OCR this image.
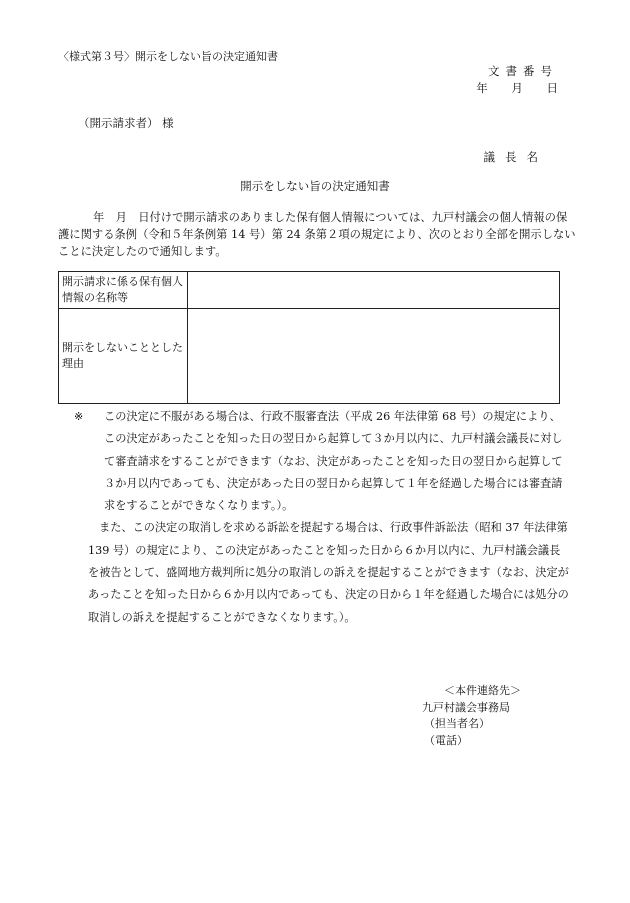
〈様式第３号〉開示をしない旨の決定通知書
文書番号
年 月 日
（開示請求者） 様
議長名
開示をしない旨の決定通知書
年　月　日付けで開示請求のありました保有個人情報については、九戸村議会の個人情報の保護に関する条例（令和５年条例第 14 号）第 24 条第２項の規定により、次のとおり全部を開示しないことに決定したので通知します。
開示請求に係る保有個人情報の名称等	
開示をしないこととした理由	
※	この決定に不服がある場合は、行政不服審査法（平成 26 年法律第 68 号）の規定により、この決定があったことを知った日の翌日から起算して３か月以内に、九戸村議会議長に対して審査請求をすることができます（なお、決定があったことを知った日の翌日から起算して３か月以内であっても、決定があった日の翌日から起算して１年を経過した場合には審査請求をすることができなくなります。）。

また、この決定の取消しを求める訴訟を提起する場合は、行政事件訴訟法（昭和 37 年法律第 139 号）の規定により、この決定があったことを知った日から６か月以内に、九戸村議会議長を被告として、盛岡地方裁判所に処分の取消しの訴えを提起することができます（なお、決定があったことを知った日から６か月以内であっても、決定の日から１年を経過した場合には処分の取消しの訴えを提起することができなくなります。）。

＜本件連絡先＞
九戸村議会事務局
（担当者名）
（電話）
